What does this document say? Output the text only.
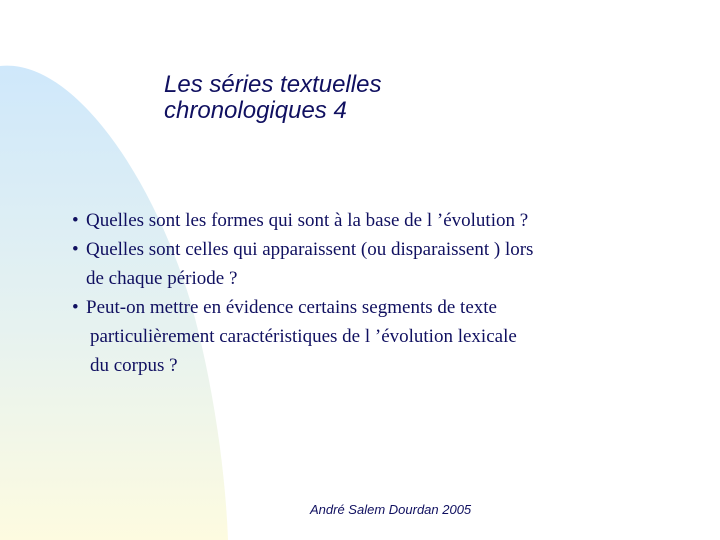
Les séries textuelles
chronologiques 4
• Quelles sont les formes qui sont à la base de l ’évolution ?
• Quelles sont celles qui apparaissent (ou disparaissent ) lors
de chaque période ?
• Peut-on mettre en évidence certains segments de texte
particulièrement caractéristiques de l ’évolution lexicale
du corpus ?
André Salem Dourdan 2005
